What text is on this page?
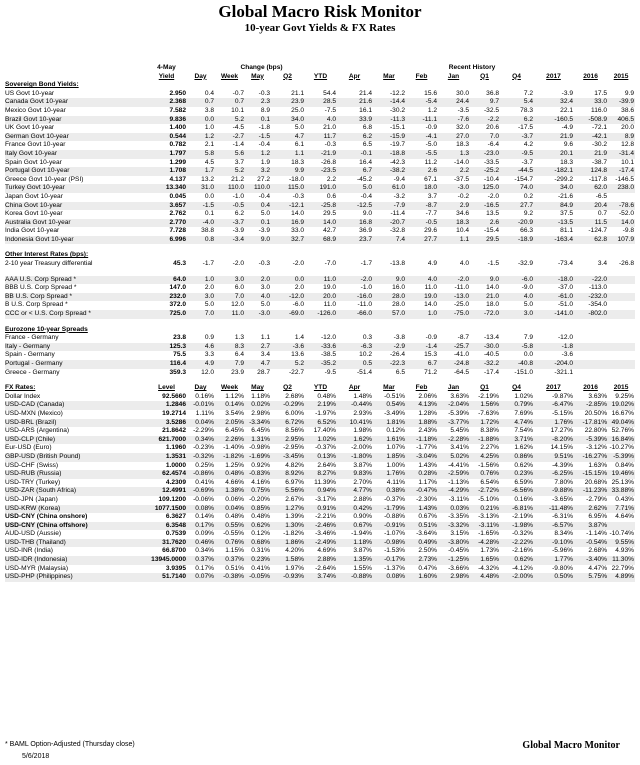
Global Macro Risk Monitor
10-year Govt Yields & FX Rates
	4-May	Change (bps)					Recent History								
	Yield	Day	Week	May	Q2	YTD	Apr	Mar	Feb	Jan	Q1	Q4	2017	2016	2015
Sovereign Bond Yields:															
US Govt 10-year	2.950	0.4	-0.7	-0.3	21.1	54.4	21.4	-12.2	15.6	30.0	36.8	7.2	-3.9	17.5	9.9
Canada Govt 10-year	2.368	0.7	0.7	2.3	23.9	28.5	21.6	-14.4	-5.4	24.4	9.7	5.4	32.4	33.0	-39.9
Mexico Govt 10-year	7.582	3.8	10.1	8.9	25.0	-7.5	16.1	-30.2	1.2	-3.5	-32.5	78.3	22.1	116.0	38.6
Brazil Govt 10-year	9.836	0.0	5.2	0.1	34.0	4.0	33.9	-11.3	-11.1	-7.6	-2.2	6.2	-160.5	-508.9	406.5
UK Govt 10-year	1.400	1.0	-4.5	-1.8	5.0	21.0	6.8	-15.1	-0.9	32.0	20.6	-17.5	-4.9	-72.1	20.0
German Govt 10-year	0.544	1.2	-2.7	-1.5	4.7	11.7	6.2	-15.9	-4.1	27.0	7.0	-3.7	21.9	-42.1	8.9
France Govt 10-year	0.782	2.1	-1.4	-0.4	6.1	-0.3	6.5	-19.7	-5.0	18.3	-6.4	4.2	9.6	-30.2	12.8
Italy Govt 10-year	1.797	5.8	5.6	1.2	1.1	-21.9	-0.1	-18.8	-5.5	1.3	-23.0	-9.5	20.1	21.9	-31.4
Spain Govt 10-year	1.299	4.5	3.7	1.9	18.3	-26.8	16.4	-42.3	11.2	-14.0	-33.5	-3.7	18.3	-38.7	10.1
Portugal Govt 10-year	1.708	1.7	5.2	3.2	9.9	-23.5	6.7	-38.2	2.6	2.2	-25.2	-44.5	-182.1	124.8	-17.4
Greece Govt 10-year (PSI)	4.137	13.2	21.2	27.2	-18.0	2.2	-45.2	-9.4	67.1	-37.5	-10.4	-154.7	-299.2	-117.8	-146.5
Turkey Govt 10-year	13.340	31.0	110.0	110.0	115.0	191.0	5.0	61.0	18.0	-3.0	125.0	74.0	34.0	62.0	238.0
Japan Govt 10-year	0.045	0.0	-1.0	-0.4	-0.3	0.6	-0.4	-3.2	3.7	-0.2	-2.0	0.2	-21.6	-6.5	
China Govt 10-year	3.657	-1.5	-0.5	0.4	-12.1	-25.8	-12.5	-7.9	-8.7	2.9	-16.5	27.7	84.9	20.4	-78.6
Korea Govt 10-year	2.762	0.1	6.2	5.0	14.0	29.5	9.0	-11.4	-7.7	34.6	13.5	9.2	37.5	0.7	-52.0
Australia Govt 10-year	2.770	-4.0	-3.7	0.1	16.9	14.0	16.8	-20.7	-0.5	18.3	2.6	-20.9	-13.5	11.5	14.0
India Govt 10-year	7.728	38.8	-3.9	-3.9	33.0	42.7	36.9	-32.8	29.6	10.4	-15.4	66.3	81.1	-124.7	-9.8
Indonesia Govt 10-year	6.996	0.8	-3.4	9.0	32.7	68.9	23.7	7.4	27.7	1.1	29.5	-18.9	-163.4	62.8	107.9

Other Interest Rates (bps):															
2-10 year Treasury differential	45.3	-1.7	-2.0	-0.3	-2.0	-7.0	-1.7	-13.8	4.9	4.0	-1.5	-32.9	-73.4	3.4	-26.8

AAA U.S. Corp Spread *	64.0	1.0	3.0	2.0	0.0	11.0	-2.0	9.0	4.0	-2.0	9.0	-6.0	-18.0	-22.0	
BBB U.S. Corp Spread *	147.0	2.0	6.0	3.0	2.0	19.0	-1.0	16.0	11.0	-11.0	14.0	-9.0	-37.0	-113.0	
BB U.S. Corp Spread *	232.0	3.0	7.0	4.0	-12.0	20.0	-16.0	28.0	19.0	-13.0	21.0	4.0	-61.0	-232.0	
B U.S. Corp Spread *	372.0	5.0	12.0	5.0	-6.0	11.0	-11.0	28.0	14.0	-25.0	18.0	5.0	-51.0	-354.0	
CCC or < U.S. Corp Spread *	725.0	7.0	11.0	-3.0	-69.0	-126.0	-66.0	57.0	1.0	-75.0	-72.0	3.0	-141.0	-802.0	

Eurozone 10-year Spreads															
France - Germany	23.8	0.9	1.3	1.1	1.4	-12.0	0.3	-3.8	-0.9	-8.7	-13.4	7.9	-12.0		
Italy - Germany	125.3	4.6	8.3	2.7	-3.6	-33.6	-6.3	-2.9	-1.4	-25.7	-30.0	-5.8	-1.8		
Spain - Germany	75.5	3.3	6.4	3.4	13.6	-38.5	10.2	-26.4	15.3	-41.0	-40.5	0.0	-3.6		
Portugal - Germany	116.4	4.9	7.9	4.7	5.2	-35.2	0.5	-22.3	6.7	-24.8	-32.2	-40.8	-204.0		
Greece - Germany	359.3	12.0	23.9	28.7	-22.7	-9.5	-51.4	6.5	71.2	-64.5	-17.4	-151.0	-321.1		

FX Rates:	Level	Day	Week	May	Q2	YTD	Apr	Mar	Feb	Jan	Q1	Q4	2017	2016	2015
Dollar Index	92.5660	0.16%	1.12%	1.18%	2.68%	0.48%	1.48%	-0.51%	2.06%	3.63%	-2.19%	1.02%	-9.87%	3.63%	9.25%
USD-CAD (Canada)	1.2846	-0.01%	0.14%	0.02%	-0.29%	2.19%	-0.44%	0.54%	4.13%	-2.04%	1.56%	0.79%	-6.47%	-2.85%	19.02%
USD-MXN (Mexico)	19.2714	1.11%	3.54%	2.98%	6.00%	-1.97%	2.93%	-3.49%	1.28%	-5.39%	-7.63%	7.69%	-5.15%	20.50%	16.67%
USD-BRL (Brazil)	3.5286	0.04%	2.05%	-3.34%	6.72%	6.52%	10.41%	1.81%	1.88%	-3.77%	1.72%	4.74%	1.76%	-17.81%	49.04%
USD-ARS (Argentina)	21.8642	-2.29%	6.45%	6.45%	8.56%	17.40%	1.98%	0.12%	2.43%	5.45%	8.38%	7.54%	17.27%	22.80%	52.76%
USD-CLP (Chile)	621.7000	0.34%	2.26%	1.31%	2.95%	1.02%	1.62%	1.61%	-1.18%	-2.28%	-1.88%	3.71%	-8.20%	-5.39%	16.84%
Eur-USD (Euro)	1.1960	-0.23%	-1.40%	-0.98%	-2.95%	-0.37%	-2.00%	1.07%	-1.77%	3.41%	2.27%	1.62%	14.15%	-3.12%	-10.27%
GBP-USD (British Pound)	1.3531	-0.32%	-1.82%	-1.69%	-3.45%	0.13%	-1.80%	1.85%	-3.04%	5.02%	4.25%	0.86%	9.51%	-16.27%	-5.39%
USD-CHF (Swiss)	1.0000	0.25%	1.25%	0.92%	4.82%	2.64%	3.87%	1.00%	1.43%	-4.41%	-1.56%	0.62%	-4.39%	1.63%	0.84%
USD-RUB (Russia)	62.4574	-0.86%	0.48%	-0.83%	8.92%	8.27%	9.83%	1.76%	0.28%	-2.59%	0.76%	0.23%	-6.25%	-15.15%	19.46%
USD-TRY (Turkey)	4.2309	0.41%	4.66%	4.16%	6.97%	11.39%	2.70%	4.11%	1.17%	-1.13%	6.54%	6.59%	7.80%	20.68%	25.13%
USD-ZAR (South Africa)	12.4991	-0.69%	1.38%	0.75%	5.56%	0.94%	4.77%	0.38%	-0.47%	-4.29%	-2.72%	-6.56%	-9.88%	-11.23%	33.88%
USD-JPN (Japan)	109.1200	-0.06%	0.06%	-0.20%	2.67%	-3.17%	2.88%	-0.37%	-2.30%	-3.11%	-5.10%	0.16%	-3.65%	-2.79%	0.43%
USD-KRW (Korea)	1077.1500	0.08%	0.04%	0.85%	1.27%	0.91%	0.42%	-1.79%	1.43%	0.03%	0.21%	-6.81%	-11.48%	2.62%	7.71%
USD-CNY (China onshore)	6.3627	0.14%	0.48%	0.48%	1.39%	-2.21%	0.90%	-0.88%	0.67%	-3.35%	-3.13%	-2.19%	-6.31%	6.95%	4.64%
USD-CNY (China offshore)	6.3548	0.17%	0.55%	0.62%	1.30%	-2.46%	0.67%	-0.91%	0.51%	-3.32%	-3.11%	-1.98%	-6.57%	3.87%	
AUD-USD (Aussie)	0.7539	0.09%	-0.55%	0.12%	-1.82%	-3.46%	-1.94%	-1.07%	-3.64%	3.15%	-1.65%	-0.32%	8.34%	-1.14%	-10.74%
USD-THB (Thailand)	31.7620	0.46%	0.76%	0.68%	1.86%	-2.49%	1.18%	-0.98%	0.49%	-3.80%	-4.28%	-2.22%	-9.10%	-0.54%	9.55%
USD-INR (India)	66.8700	0.34%	1.15%	0.31%	4.20%	4.69%	3.87%	-1.53%	2.50%	-0.45%	1.73%	-2.16%	-5.96%	2.68%	4.93%
USD-IDR (Indonesia)	13945.0000	0.37%	0.37%	0.23%	1.58%	2.88%	1.35%	-0.17%	2.73%	-1.25%	1.65%	0.62%	1.77%	-3.40%	11.30%
USD-MYR (Malaysia)	3.9395	0.17%	0.51%	0.41%	1.97%	-2.64%	1.55%	-1.37%	0.47%	-3.66%	-4.32%	-4.12%	-9.80%	4.47%	22.79%
USD-PHP (Philippines)	51.7140	0.07%	-0.38%	-0.05%	-0.93%	3.74%	-0.88%	0.08%	1.60%	2.98%	4.48%	-2.00%	0.50%	5.75%	4.89%
* BAML Option-Adjusted (Thursday close)
5/6/2018
Global Macro Monitor
